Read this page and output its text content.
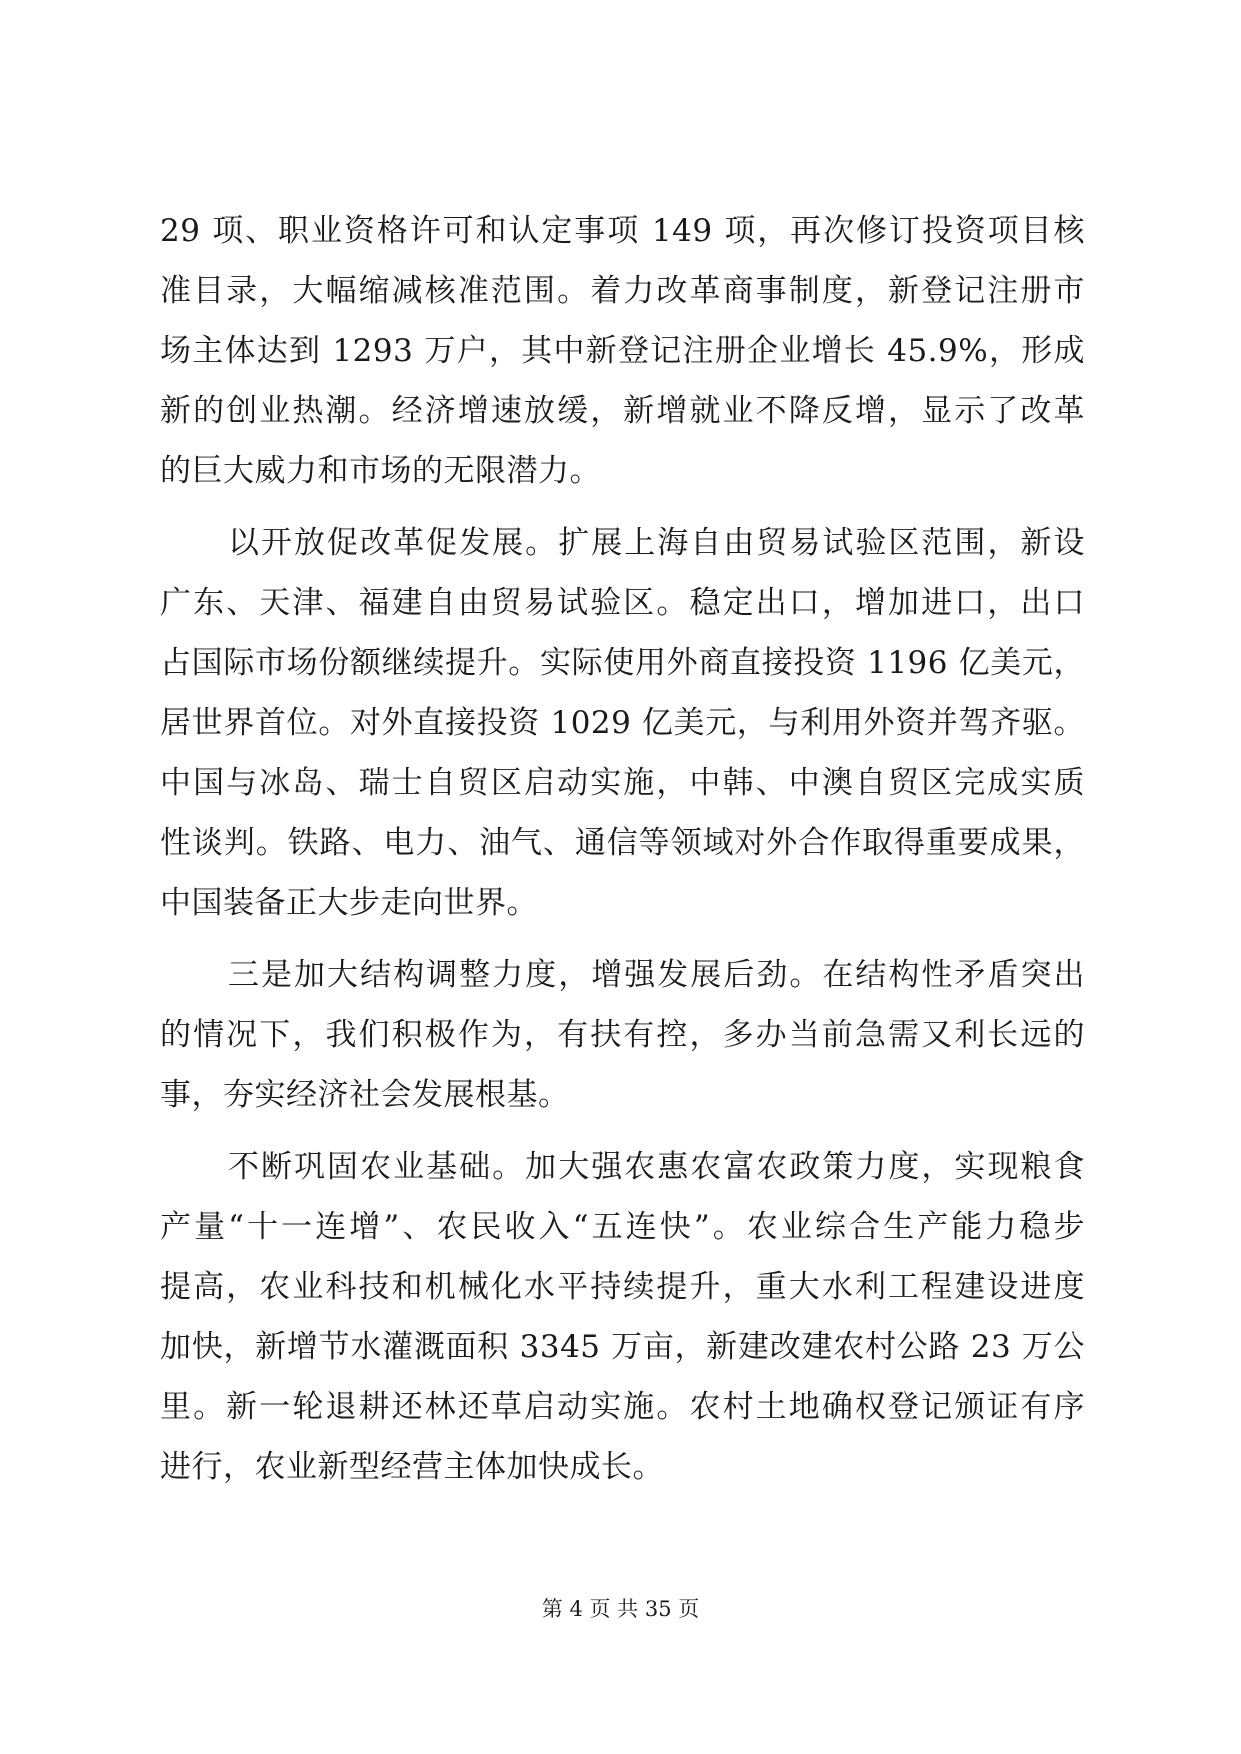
29 项、职业资格许可和认定事项 149 项，再次修订投资项目核
准目录，大幅缩减核准范围。着力改革商事制度，新登记注册市
场主体达到 1293 万户，其中新登记注册企业增长 45.9%，形成
新的创业热潮。经济增速放缓，新增就业不降反增，显示了改革
的巨大威力和市场的无限潜力。
以开放促改革促发展。扩展上海自由贸易试验区范围，新设
广东、天津、福建自由贸易试验区。稳定出口，增加进口，出口
占国际市场份额继续提升。实际使用外商直接投资 1196 亿美元，
居世界首位。对外直接投资 1029 亿美元，与利用外资并驾齐驱。
中国与冰岛、瑞士自贸区启动实施，中韩、中澳自贸区完成实质
性谈判。铁路、电力、油气、通信等领域对外合作取得重要成果，
中国装备正大步走向世界。
三是加大结构调整力度，增强发展后劲。在结构性矛盾突出
的情况下，我们积极作为，有扶有控，多办当前急需又利长远的
事，夯实经济社会发展根基。
不断巩固农业基础。加大强农惠农富农政策力度，实现粮食
产量“十一连增”、农民收入“五连快”。农业综合生产能力稳步
提高，农业科技和机械化水平持续提升，重大水利工程建设进度
加快，新增节水灌溉面积 3345 万亩，新建改建农村公路 23 万公
里。新一轮退耕还林还草启动实施。农村土地确权登记颁证有序
进行，农业新型经营主体加快成长。
第 4 页 共 35 页
